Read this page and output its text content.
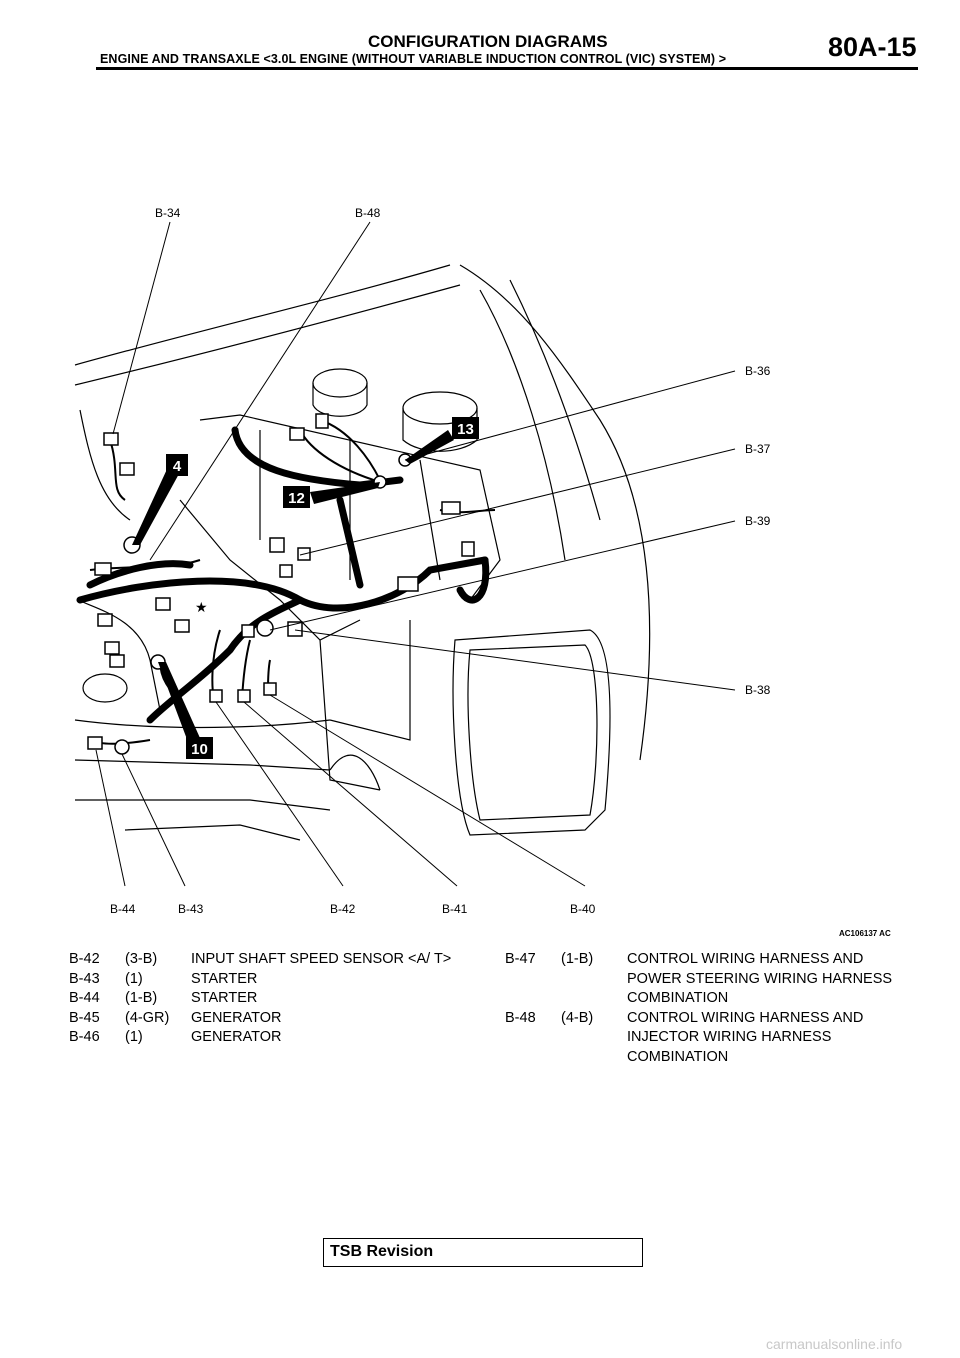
CONFIGURATION DIAGRAMS
ENGINE AND TRANSAXLE <3.0L ENGINE (WITHOUT VARIABLE INDUCTION CONTROL (VIC) SYSTEM) >	80A-15
★
4
12
13
10
B-34	B-48
B-36
B-37
B-39
B-38
B-44	B-43	B-42	B-41	B-40
AC106137 AC
B-42	(3-B)	INPUT SHAFT SPEED SENSOR <A/ T>
B-43	(1)	STARTER
B-44	(1-B)	STARTER
B-45	(4-GR)	GENERATOR
B-46	(1)	GENERATOR
B-47	(1-B)	CONTROL WIRING HARNESS AND POWER STEERING WIRING HARNESS COMBINATION
B-48	(4-B)	CONTROL WIRING HARNESS AND INJECTOR WIRING HARNESS COMBINATION
TSB Revision
carmanualsonline.info
